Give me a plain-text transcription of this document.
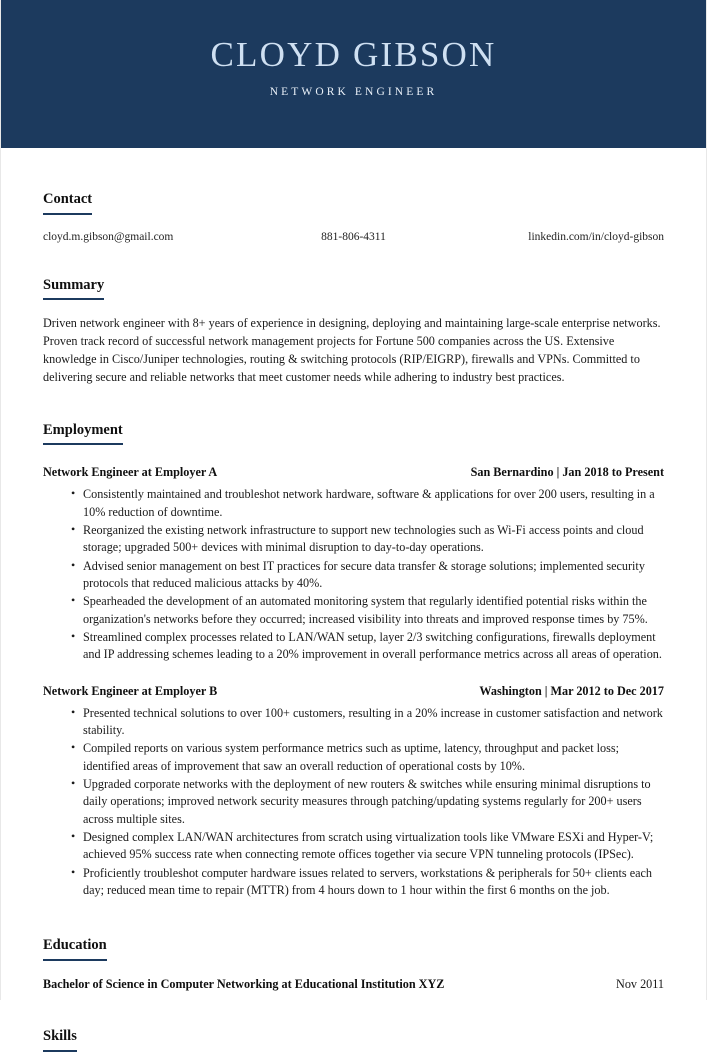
CLOYD GIBSON
NETWORK ENGINEER
Contact
cloyd.m.gibson@gmail.com	881-806-4311	linkedin.com/in/cloyd-gibson
Summary
Driven network engineer with 8+ years of experience in designing, deploying and maintaining large-scale enterprise networks. Proven track record of successful network management projects for Fortune 500 companies across the US. Extensive knowledge in Cisco/Juniper technologies, routing & switching protocols (RIP/EIGRP), firewalls and VPNs. Committed to delivering secure and reliable networks that meet customer needs while adhering to industry best practices.
Employment
Network Engineer at Employer A	San Bernardino | Jan 2018 to Present
• Consistently maintained and troubleshot network hardware, software & applications for over 200 users, resulting in a 10% reduction of downtime.
• Reorganized the existing network infrastructure to support new technologies such as Wi-Fi access points and cloud storage; upgraded 500+ devices with minimal disruption to day-to-day operations.
• Advised senior management on best IT practices for secure data transfer & storage solutions; implemented security protocols that reduced malicious attacks by 40%.
• Spearheaded the development of an automated monitoring system that regularly identified potential risks within the organization's networks before they occurred; increased visibility into threats and improved response times by 75%.
• Streamlined complex processes related to LAN/WAN setup, layer 2/3 switching configurations, firewalls deployment and IP addressing schemes leading to a 20% improvement in overall performance metrics across all areas of operation.
Network Engineer at Employer B	Washington | Mar 2012 to Dec 2017
• Presented technical solutions to over 100+ customers, resulting in a 20% increase in customer satisfaction and network stability.
• Compiled reports on various system performance metrics such as uptime, latency, throughput and packet loss; identified areas of improvement that saw an overall reduction of operational costs by 10%.
• Upgraded corporate networks with the deployment of new routers & switches while ensuring minimal disruptions to daily operations; improved network security measures through patching/updating systems regularly for 200+ users across multiple sites.
• Designed complex LAN/WAN architectures from scratch using virtualization tools like VMware ESXi and Hyper-V; achieved 95% success rate when connecting remote offices together via secure VPN tunneling protocols (IPSec).
• Proficiently troubleshot computer hardware issues related to servers, workstations & peripherals for 50+ clients each day; reduced mean time to repair (MTTR) from 4 hours down to 1 hour within the first 6 months on the job.
Education
Bachelor of Science in Computer Networking at Educational Institution XYZ	Nov 2011
Skills
